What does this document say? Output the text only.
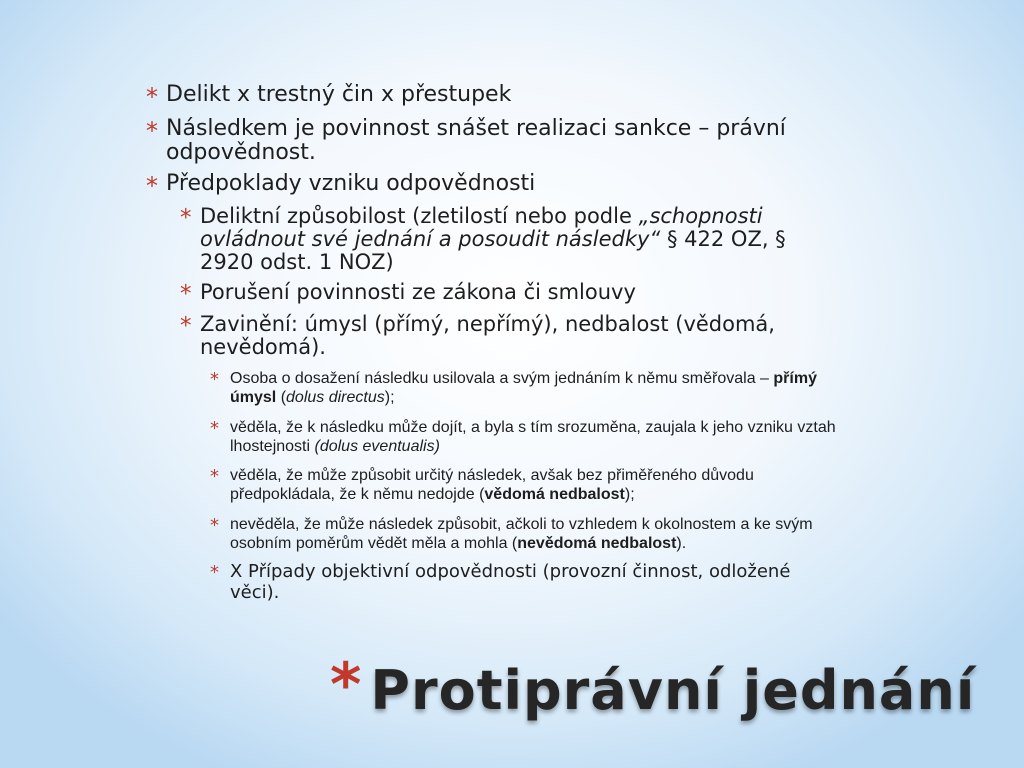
* Delikt x trestný čin x přestupek
* Následkem je povinnost snášet realizaci sankce – právní odpovědnost.
* Předpoklady vzniku odpovědnosti
* Deliktní způsobilost (zletilostí nebo podle „schopnosti ovládnout své jednání a posoudit následky“ § 422 OZ, § 2920 odst. 1 NOZ)
* Porušení povinnosti ze zákona či smlouvy
* Zavinění: úmysl (přímý, nepřímý), nedbalost (vědomá, nevědomá).
* Osoba o dosažení následku usilovala a svým jednáním k němu směřovala – přímý úmysl (dolus directus);
* věděla, že k následku může dojít, a byla s tím srozuměna, zaujala k jeho vzniku vztah lhostejnosti (dolus eventualis)
* věděla, že může způsobit určitý následek, avšak bez přiměřeného důvodu předpokládala, že k němu nedojde (vědomá nedbalost);
* nevěděla, že může následek způsobit, ačkoli to vzhledem k okolnostem a ke svým osobním poměrům vědět měla a mohla (nevědomá nedbalost).
* X Případy objektivní odpovědnosti (provozní činnost, odložené věci).
* Protiprávní jednání
